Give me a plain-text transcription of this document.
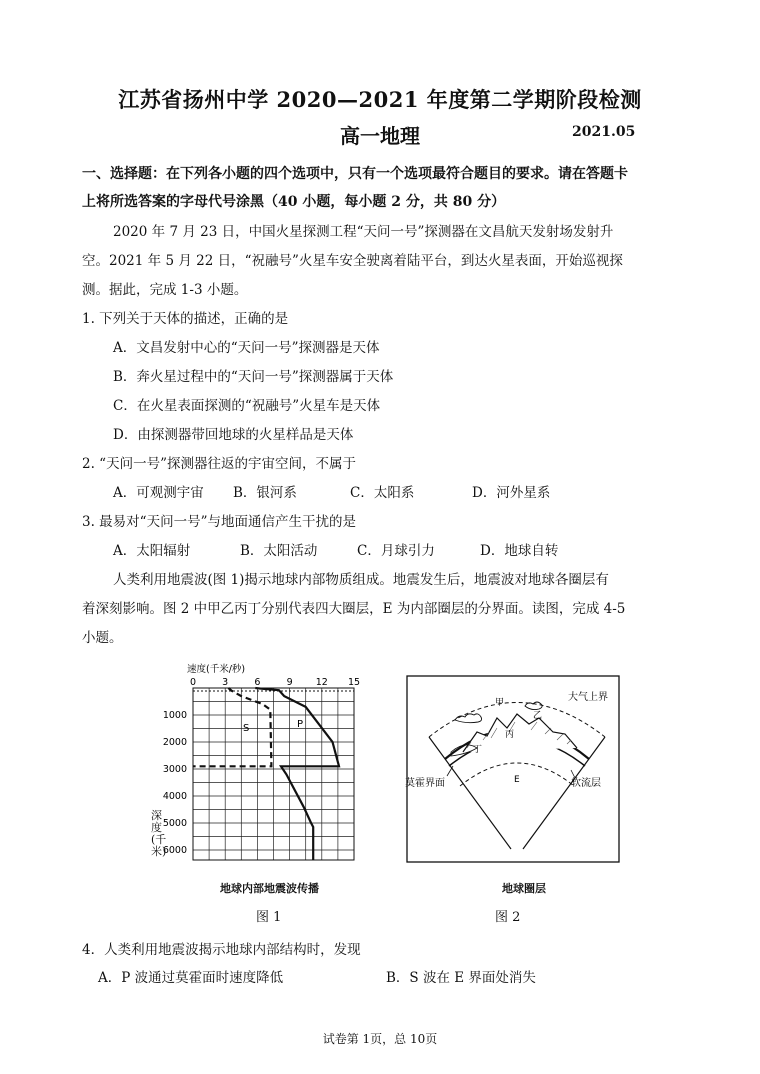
江苏省扬州中学 2020—2021 年度第二学期阶段检测
高一地理	2021.05
一、选择题：在下列各小题的四个选项中，只有一个选项最符合题目的要求。请在答题卡
上将所选答案的字母代号涂黑（40 小题，每小题 2 分，共 80 分）
2020 年 7 月 23 日，中国火星探测工程“天问一号”探测器在文昌航天发射场发射升
空。2021 年 5 月 22 日，“祝融号”火星车安全驶离着陆平台，到达火星表面，开始巡视探
测。据此，完成 1-3 小题。
1. 下列关于天体的描述，正确的是
A．文昌发射中心的“天问一号”探测器是天体
B．奔火星过程中的“天问一号”探测器属于天体
C．在火星表面探测的“祝融号”火星车是天体
D．由探测器带回地球的火星样品是天体
2. “天问一号”探测器往返的宇宙空间，不属于
A．可观测宇宙 B．银河系	C．太阳系	D．河外星系
3. 最易对“天问一号”与地面通信产生干扰的是
A．太阳辐射	B．太阳活动	C．月球引力	D．地球自转
人类利用地震波(图 1)揭示地球内部物质组成。地震发生后，地震波对地球各圈层有
着深刻影响。图 2 中甲乙丙丁分别代表四大圈层，E 为内部圈层的分界面。读图，完成 4-5
小题。
速度(千米/秒)
0	3	6	9 12 15
1000
2000
3000
4000
5000
6000
S	P
深度(千米)
地球内部地震波传播
图 1
甲
丙
乙
丁
大气上界
莫霍界面	软流层
E
地球圈层
图 2
4．人类利用地震波揭示地球内部结构时，发现
A．P 波通过莫霍面时速度降低	B．S 波在 E 界面处消失
试卷第 1页，总 10页
